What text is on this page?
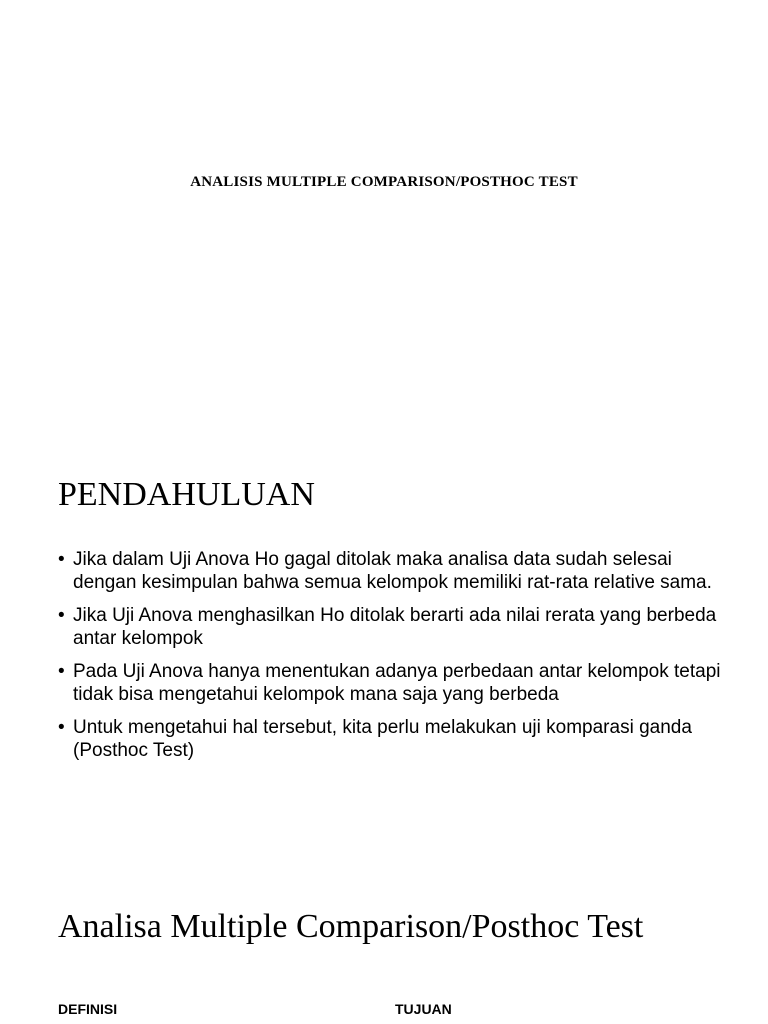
ANALISIS MULTIPLE COMPARISON/POSTHOC TEST
PENDAHULUAN
• Jika dalam Uji Anova Ho gagal ditolak maka analisa data sudah selesai dengan kesimpulan bahwa semua kelompok memiliki rat-rata relative sama.
• Jika Uji Anova menghasilkan Ho ditolak berarti ada nilai rerata yang berbeda antar kelompok
• Pada Uji Anova hanya menentukan adanya perbedaan antar kelompok tetapi tidak bisa mengetahui kelompok mana saja yang berbeda
• Untuk mengetahui hal tersebut, kita perlu melakukan uji komparasi ganda (Posthoc Test)
Analisa Multiple Comparison/Posthoc Test
DEFINISI	TUJUAN
